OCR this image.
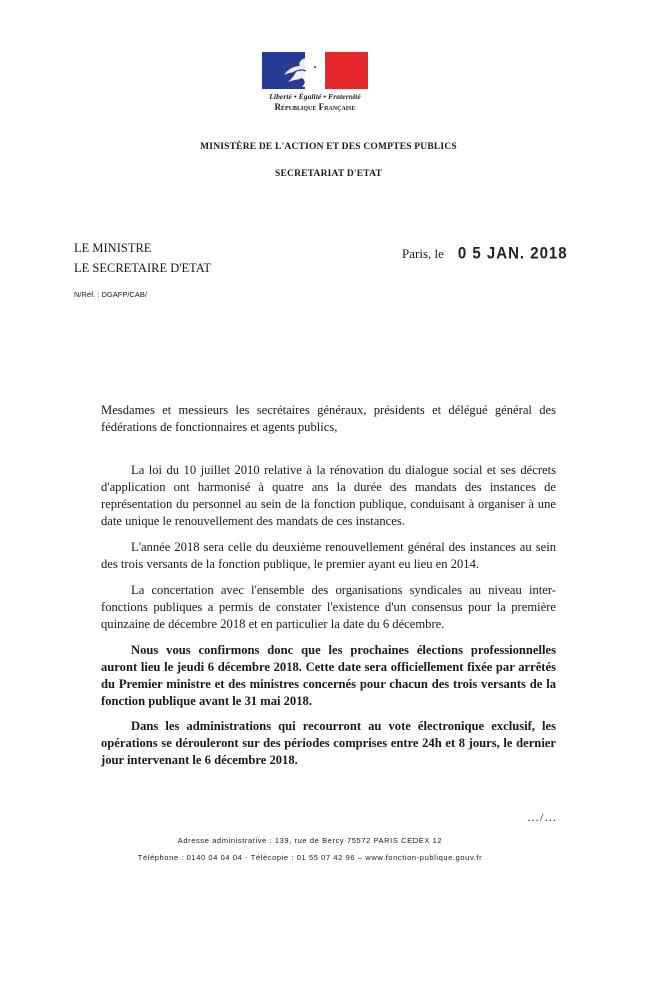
Liberté • Égalité • Fraternité
République Française
MINISTÈRE DE L'ACTION ET DES COMPTES PUBLICS
SECRETARIAT D'ETAT
LE MINISTRE
LE SECRETAIRE D'ETAT
Paris, le 0 5 JAN. 2018
N/Réf. : DGAFP/CAB/

Mesdames et messieurs les secrétaires généraux, présidents et délégué général des fédérations de fonctionnaires et agents publics,

La loi du 10 juillet 2010 relative à la rénovation du dialogue social et ses décrets d'application ont harmonisé à quatre ans la durée des mandats des instances de représentation du personnel au sein de la fonction publique, conduisant à organiser à une date unique le renouvellement des mandats de ces instances.

L'année 2018 sera celle du deuxième renouvellement général des instances au sein des trois versants de la fonction publique, le premier ayant eu lieu en 2014.

La concertation avec l'ensemble des organisations syndicales au niveau inter-fonctions publiques a permis de constater l'existence d'un consensus pour la première quinzaine de décembre 2018 et en particulier la date du 6 décembre.

Nous vous confirmons donc que les prochaines élections professionnelles auront lieu le jeudi 6 décembre 2018. Cette date sera officiellement fixée par arrêtés du Premier ministre et des ministres concernés pour chacun des trois versants de la fonction publique avant le 31 mai 2018.

Dans les administrations qui recourront au vote électronique exclusif, les opérations se dérouleront sur des périodes comprises entre 24h et 8 jours, le dernier jour intervenant le 6 décembre 2018.

…/…
Adresse administrative : 139, rue de Bercy 75572 PARIS CEDEX 12
Téléphone : 0140 04 04 04 - Télécopie : 01 55 07 42 96 – www.fonction-publique.gouv.fr
